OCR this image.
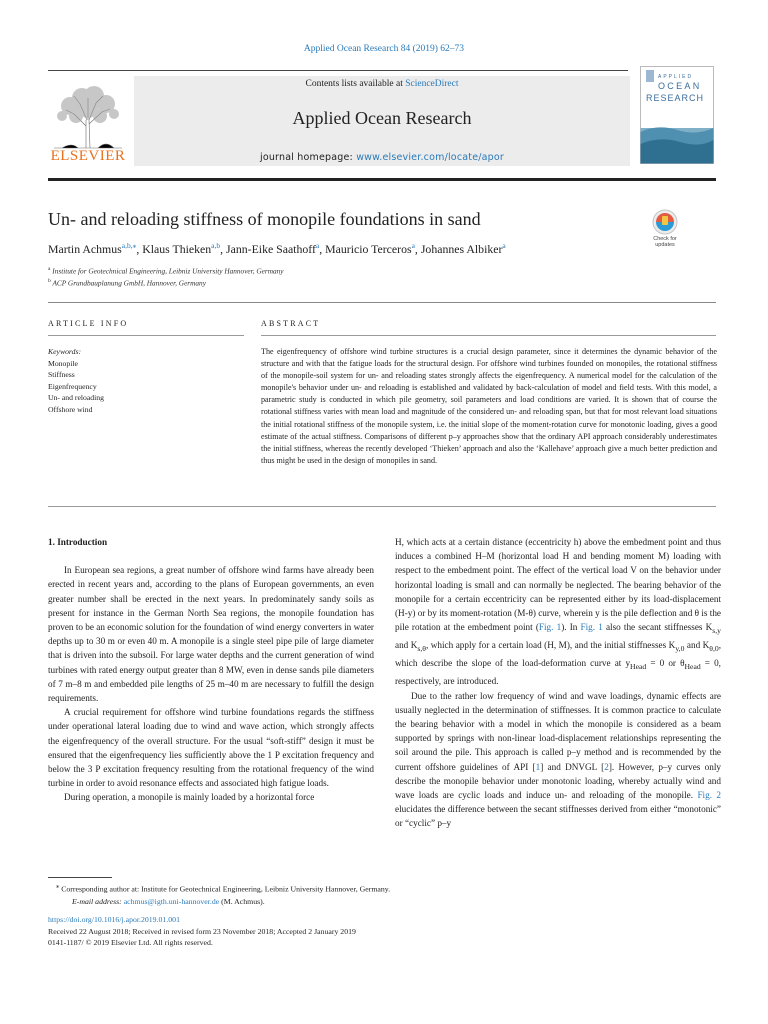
Applied Ocean Research 84 (2019) 62–73
ELSEVIER
Contents lists available at ScienceDirect
Applied Ocean Research
journal homepage: www.elsevier.com/locate/apor
APPLIED
OCEAN
RESEARCH
Un- and reloading stiffness of monopile foundations in sand
Check for updates
Martin Achmus$^{a,b,⁎}$, Klaus Thieken$^{a,b}$, Jann-Eike Saathoff$^a$, Mauricio Terceros$^a$, Johannes Albiker$^a$
$^a$ Institute for Geotechnical Engineering, Leibniz University Hannover, Germany
$^b$ ACP Grundbauplanung GmbH, Hannover, Germany
ARTICLE INFO	ABSTRACT
Keywords:
Monopile
Stiffness
Eigenfrequency
Un- and reloading
Offshore wind
The eigenfrequency of offshore wind turbine structures is a crucial design parameter, since it determines the dynamic behavior of the structure and with that the fatigue loads for the structural design. For offshore wind turbines founded on monopiles, the rotational stiffness of the monopile-soil system for un- and reloading states strongly affects the eigenfrequency. A numerical model for the calculation of the monopile's behavior under un- and reloading is established and validated by back-calculation of model and field tests. With this model, a parametric study is conducted in which pile geometry, soil parameters and load conditions are varied. It is shown that of course the rotational stiffness varies with mean load and magnitude of the considered un- and reloading span, but that for most relevant load situations the initial rotational stiffness of the monopile system, i.e. the initial slope of the moment-rotation curve for monotonic loading, gives a good estimate of the actual stiffness. Comparisons of different p–y approaches show that the ordinary API approach considerably underestimates the initial stiffness, whereas the recently developed ‘Thieken’ approach and also the ‘Kallehave’ approach give a much better prediction and thus might be used in the design of monopiles in sand.
1. Introduction

In European sea regions, a great number of offshore wind farms have already been erected in recent years and, according to the plans of European governments, an even greater number shall be erected in the next years. In predominately sandy soils as present for instance in the German North Sea regions, the monopile foundation has proven to be an economic solution for the foundation of wind energy converters in water depths up to 30 m or even 40 m. A monopile is a single steel pipe pile of large diameter that is driven into the subsoil. For large water depths and the current generation of wind turbines with rated energy output greater than 8 MW, even in dense sands pile diameters of 7 m–8 m and embedded pile lengths of 25 m–40 m are necessary to fulfill the design requirements.

A crucial requirement for offshore wind turbine foundations regards the stiffness under operational lateral loading due to wind and wave action, which strongly affects the eigenfrequency of the overall structure. For the usual “soft-stiff” design it must be ensured that the eigenfrequency lies sufficiently above the 1 P excitation frequency and below the 3 P excitation frequency resulting from the rotational frequency of the wind turbine in order to avoid resonance effects and associated high fatigue loads.

During operation, a monopile is mainly loaded by a horizontal force

H, which acts at a certain distance (eccentricity h) above the embedment point and thus induces a combined H–M (horizontal load H and bending moment M) loading with respect to the embedment point. The effect of the vertical load V on the behavior under horizontal loading is small and can normally be neglected. The bearing behavior of the monopile for a certain eccentricity can be represented either by its load-displacement (H-y) or by its moment-rotation (M-θ) curve, wherein y is the pile deflection and θ is the pile rotation at the embedment point (Fig. 1). In Fig. 1 also the secant stiffnesses $K_{s,y}$ and $K_{s,\theta}$, which apply for a certain load (H, M), and the initial stiffnesses $K_{y,0}$ and $K_{\theta,0}$, which describe the slope of the load-deformation curve at $y_{Head} = 0$ or $\theta_{Head} = 0$, respectively, are introduced.

Due to the rather low frequency of wind and wave loadings, dynamic effects are usually neglected in the determination of stiffnesses. It is common practice to calculate the bearing behavior with a model in which the monopile is considered as a beam supported by springs with non-linear load-displacement relationships representing the soil around the pile. This approach is called p–y method and is recommended by the current offshore guidelines of API [1] and DNVGL [2]. However, p–y curves only describe the monopile behavior under monotonic loading, whereby actually wind and wave loads are cyclic loads and induce un- and reloading of the monopile. Fig. 2 elucidates the difference between the secant stiffnesses derived from either “monotonic” or “cyclic” p–y

⁎ Corresponding author at: Institute for Geotechnical Engineering, Leibniz University Hannover, Germany.
E-mail address: achmus@igth.uni-hannover.de (M. Achmus).
https://doi.org/10.1016/j.apor.2019.01.001
Received 22 August 2018; Received in revised form 23 November 2018; Accepted 2 January 2019
0141-1187/ © 2019 Elsevier Ltd. All rights reserved.
